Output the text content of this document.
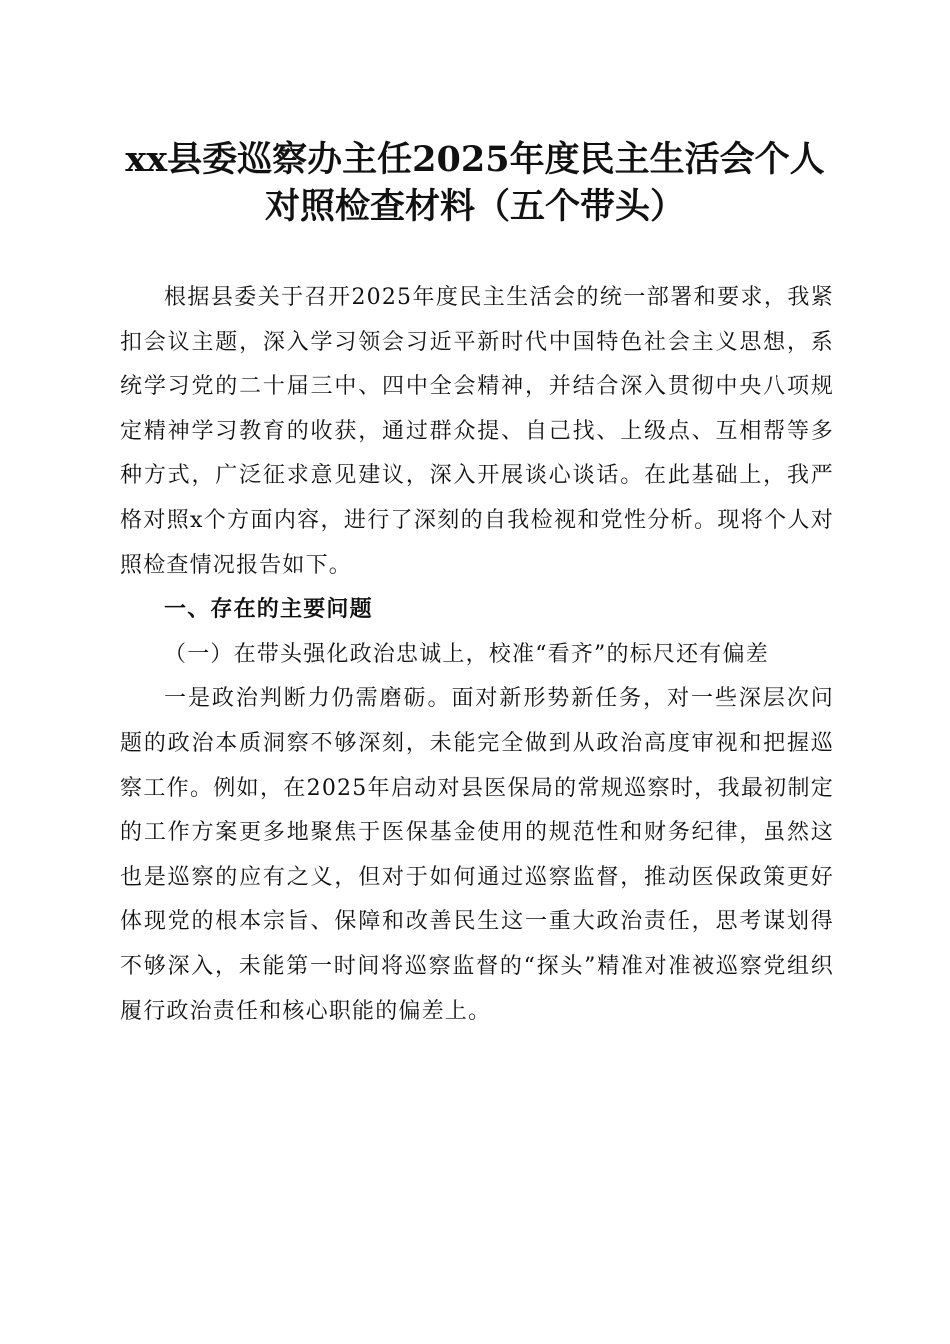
xx县委巡察办主任2025年度民主生活会个人
对照检查材料（五个带头）

根据县委关于召开2025年度民主生活会的统一部署和要求，我紧扣会议主题，深入学习领会习近平新时代中国特色社会主义思想，系统学习党的二十届三中、四中全会精神，并结合深入贯彻中央八项规定精神学习教育的收获，通过群众提、自己找、上级点、互相帮等多种方式，广泛征求意见建议，深入开展谈心谈话。在此基础上，我严格对照x个方面内容，进行了深刻的自我检视和党性分析。现将个人对照检查情况报告如下。

一、存在的主要问题

（一）在带头强化政治忠诚上，校准“看齐”的标尺还有偏差

一是政治判断力仍需磨砺。面对新形势新任务，对一些深层次问题的政治本质洞察不够深刻，未能完全做到从政治高度审视和把握巡察工作。例如，在2025年启动对县医保局的常规巡察时，我最初制定的工作方案更多地聚焦于医保基金使用的规范性和财务纪律，虽然这也是巡察的应有之义，但对于如何通过巡察监督，推动医保政策更好体现党的根本宗旨、保障和改善民生这一重大政治责任，思考谋划得不够深入，未能第一时间将巡察监督的“探头”精准对准被巡察党组织履行政治责任和核心职能的偏差上。
